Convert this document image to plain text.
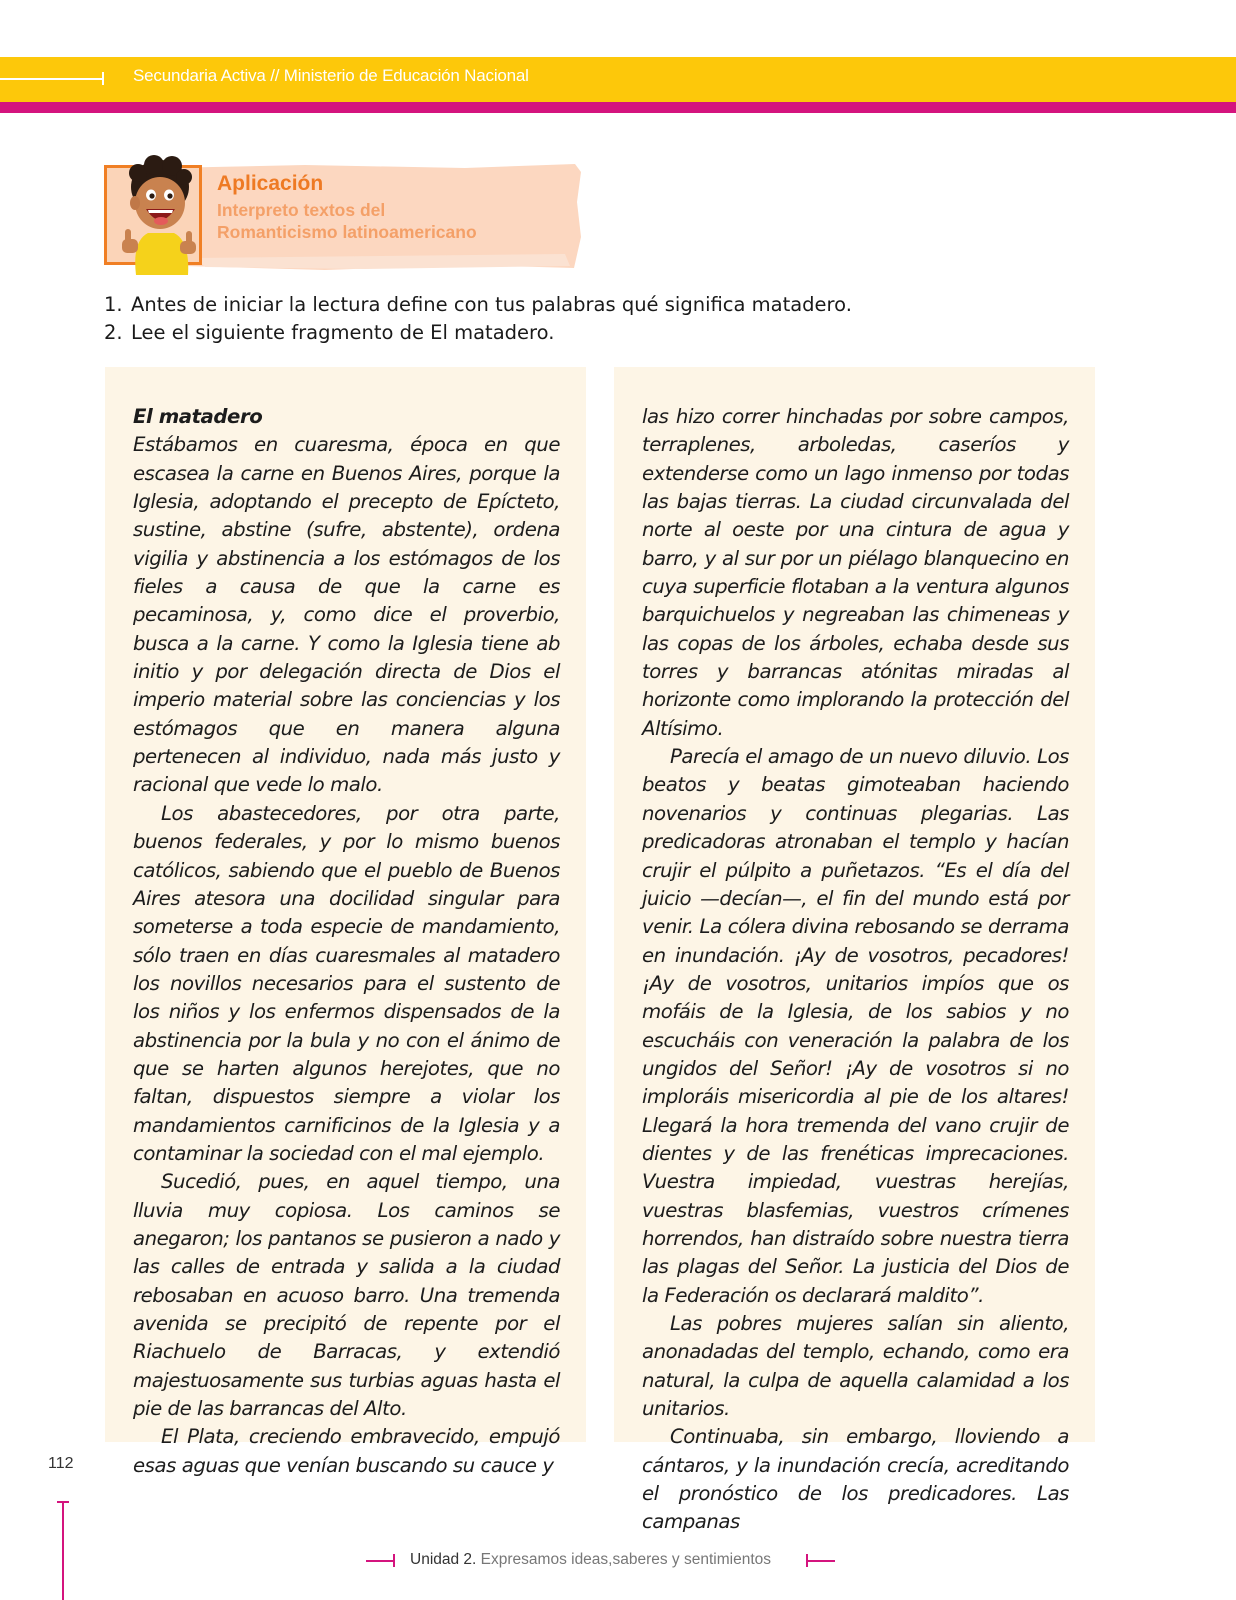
Secundaria Activa // Ministerio de Educación Nacional
Aplicación
Interpreto textos del
Romanticismo latinoamericano
1. Antes de iniciar la lectura define con tus palabras qué significa matadero.
2. Lee el siguiente fragmento de El matadero.

El matadero

Estábamos en cuaresma, época en que escasea la carne en Buenos Aires, porque la Iglesia, adoptando el precepto de Epícteto, sustine, abstine (sufre, abstente), ordena vigilia y abstinencia a los estómagos de los fieles a causa de que la carne es pecaminosa, y, como dice el proverbio, busca a la carne. Y como la Iglesia tiene ab initio y por delegación directa de Dios el imperio material sobre las conciencias y los estómagos que en manera alguna pertenecen al individuo, nada más justo y racional que vede lo malo.

Los abastecedores, por otra parte, buenos federales, y por lo mismo buenos católicos, sabiendo que el pueblo de Buenos Aires atesora una docilidad singular para someterse a toda especie de mandamiento, sólo traen en días cuaresmales al matadero los novillos necesarios para el sustento de los niños y los enfermos dispensados de la abstinencia por la bula y no con el ánimo de que se harten algunos herejotes, que no faltan, dispuestos siempre a violar los mandamientos carnificinos de la Iglesia y a contaminar la sociedad con el mal ejemplo.

Sucedió, pues, en aquel tiempo, una lluvia muy copiosa. Los caminos se anegaron; los pantanos se pusieron a nado y las calles de entrada y salida a la ciudad rebosaban en acuoso barro. Una tremenda avenida se precipitó de repente por el Riachuelo de Barracas, y extendió majestuosamente sus turbias aguas hasta el pie de las barrancas del Alto.

El Plata, creciendo embravecido, empujó esas aguas que venían buscando su cauce y

las hizo correr hinchadas por sobre campos, terraplenes, arboledas, caseríos y extenderse como un lago inmenso por todas las bajas tierras. La ciudad circunvalada del norte al oeste por una cintura de agua y barro, y al sur por un piélago blanquecino en cuya superficie flotaban a la ventura algunos barquichuelos y negreaban las chimeneas y las copas de los árboles, echaba desde sus torres y barrancas atónitas miradas al horizonte como implorando la protección del Altísimo.

Parecía el amago de un nuevo diluvio. Los beatos y beatas gimoteaban haciendo novenarios y continuas plegarias. Las predicadoras atronaban el templo y hacían crujir el púlpito a puñetazos. “Es el día del juicio —decían—, el fin del mundo está por venir. La cólera divina rebosando se derrama en inundación. ¡Ay de vosotros, pecadores! ¡Ay de vosotros, unitarios impíos que os mofáis de la Iglesia, de los sabios y no escucháis con veneración la palabra de los ungidos del Señor! ¡Ay de vosotros si no imploráis misericordia al pie de los altares! Llegará la hora tremenda del vano crujir de dientes y de las frenéticas imprecaciones. Vuestra impiedad, vuestras herejías, vuestras blasfemias, vuestros crímenes horrendos, han distraído sobre nuestra tierra las plagas del Señor. La justicia del Dios de la Federación os declarará maldito”.

Las pobres mujeres salían sin aliento, anonadadas del templo, echando, como era natural, la culpa de aquella calamidad a los unitarios.

Continuaba, sin embargo, lloviendo a cántaros, y la inundación crecía, acreditando el pronóstico de los predicadores. Las campanas

112
Unidad 2. Expresamos ideas,saberes y sentimientos
